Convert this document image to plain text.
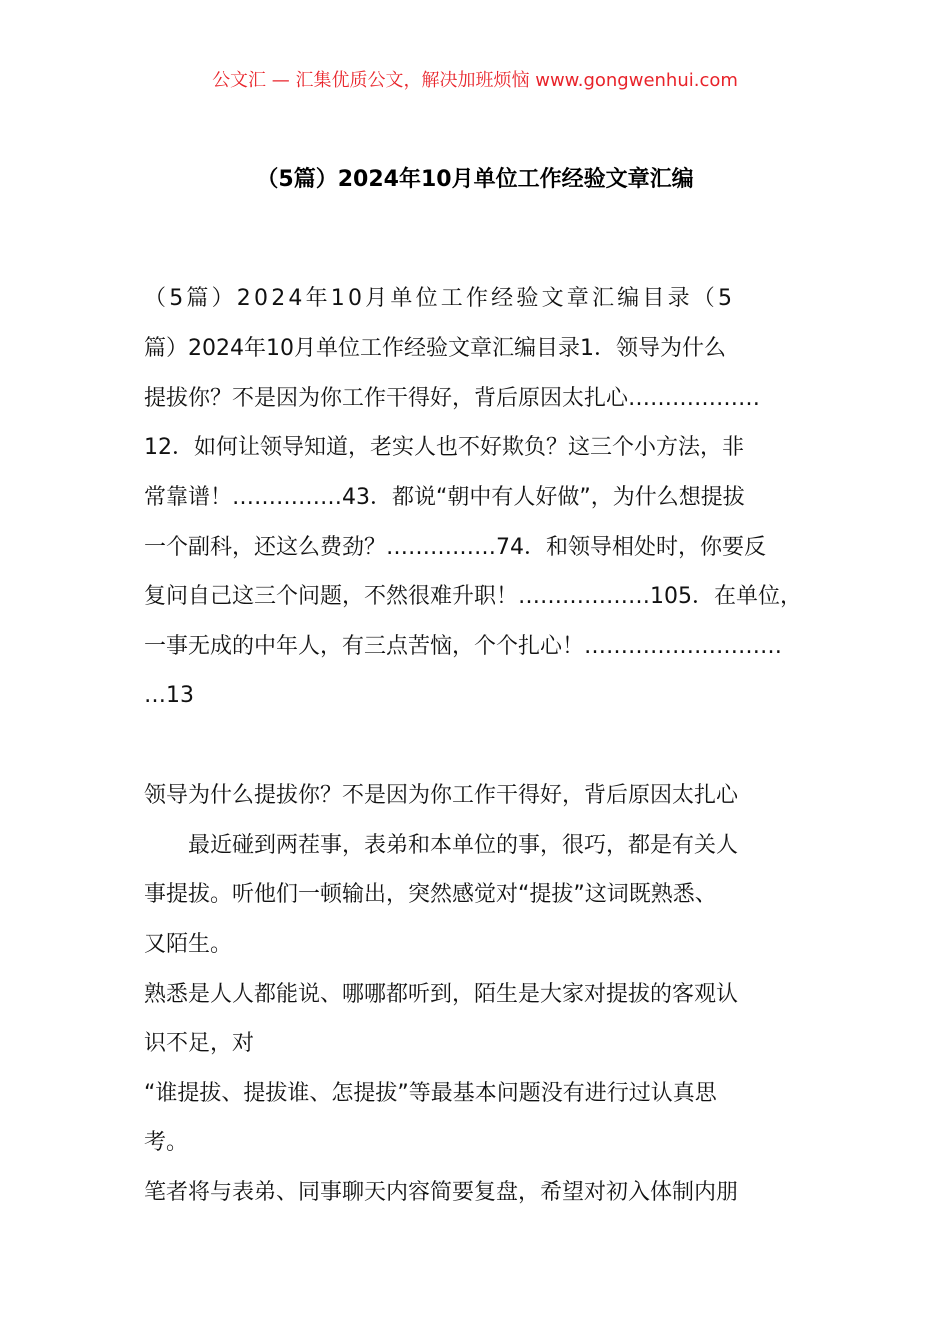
公文汇 — 汇集优质公文，解决加班烦恼 www.gongwenhui.com
（5篇）2024年10月单位工作经验文章汇编
（5篇）2024年10月单位工作经验文章汇编目录（5
篇）2024年10月单位工作经验文章汇编目录1．领导为什么
提拔你？不是因为你工作干得好，背后原因太扎心………………
12．如何让领导知道，老实人也不好欺负？这三个小方法，非
常靠谱！……………43．都说“朝中有人好做”，为什么想提拔
一个副科，还这么费劲？……………74．和领导相处时，你要反
复问自己这三个问题，不然很难升职！………………105．在单位，
一事无成的中年人，有三点苦恼，个个扎心！………………………
…13
领导为什么提拔你？不是因为你工作干得好，背后原因太扎心
　　最近碰到两茬事，表弟和本单位的事，很巧，都是有关人
事提拔。听他们一顿输出，突然感觉对“提拔”这词既熟悉、
又陌生。
熟悉是人人都能说、哪哪都听到，陌生是大家对提拔的客观认
识不足，对
“谁提拔、提拔谁、怎提拔”等最基本问题没有进行过认真思
考。
笔者将与表弟、同事聊天内容简要复盘，希望对初入体制内朋
